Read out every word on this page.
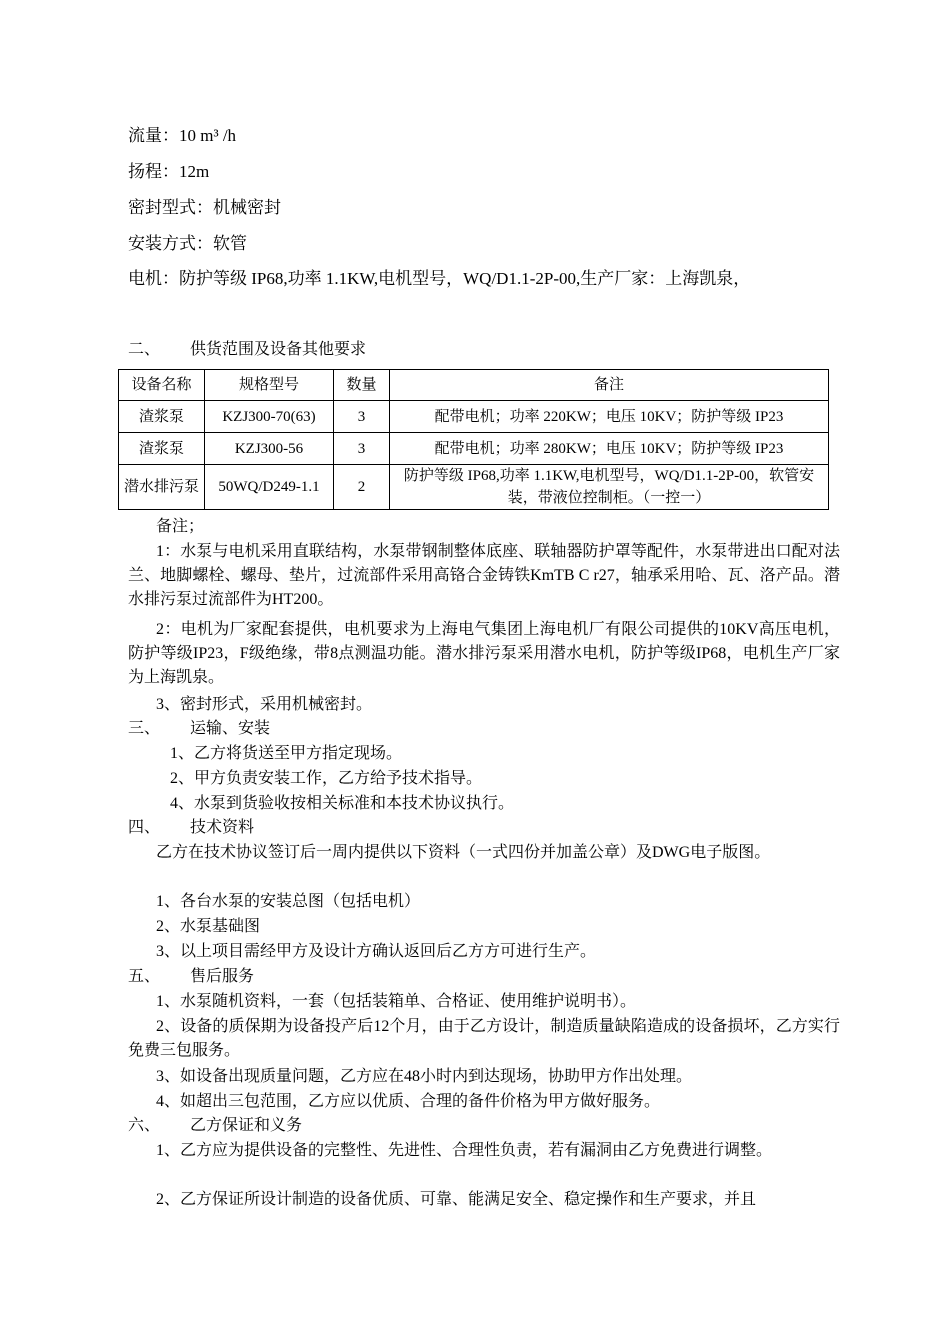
流量：10 m³ /h
扬程：12m
密封型式：机械密封
安装方式：软管
电机：防护等级 IP68,功率 1.1KW,电机型号，WQ/D1.1-2P-00,生产厂家：上海凯泉，
二、 供货范围及设备其他要求
设备名称	规格型号	数量	备注
渣浆泵	KZJ300-70(63)	3	配带电机；功率 220KW；电压 10KV；防护等级 IP23
渣浆泵	KZJ300-56	3	配带电机；功率 280KW；电压 10KV；防护等级 IP23
潜水排污泵	50WQ/D249-1.1	2	防护等级 IP68,功率 1.1KW,电机型号，WQ/D1.1-2P-00，软管安装，带液位控制柜。（一控一）
备注；
1：水泵与电机采用直联结构，水泵带钢制整体底座、联轴器防护罩等配件，水泵带进出口配对法兰、地脚螺栓、螺母、垫片，过流部件采用高铬合金铸铁KmTB C r27，轴承采用哈、瓦、洛产品。潜水排污泵过流部件为HT200。
2：电机为厂家配套提供，电机要求为上海电气集团上海电机厂有限公司提供的10KV高压电机，防护等级IP23，F级绝缘，带8点测温功能。潜水排污泵采用潜水电机，防护等级IP68，电机生产厂家为上海凯泉。
3、密封形式，采用机械密封。
三、 运输、安装
1、乙方将货送至甲方指定现场。
2、甲方负责安装工作，乙方给予技术指导。
4、水泵到货验收按相关标准和本技术协议执行。
四、 技术资料
乙方在技术协议签订后一周内提供以下资料（一式四份并加盖公章）及DWG电子版图。
1、各台水泵的安装总图（包括电机）
2、水泵基础图
3、以上项目需经甲方及设计方确认返回后乙方方可进行生产。
五、 售后服务
1、水泵随机资料，一套（包括装箱单、合格证、使用维护说明书）。
2、设备的质保期为设备投产后12个月，由于乙方设计，制造质量缺陷造成的设备损坏，乙方实行免费三包服务。
3、如设备出现质量问题，乙方应在48小时内到达现场，协助甲方作出处理。
4、如超出三包范围，乙方应以优质、合理的备件价格为甲方做好服务。
六、 乙方保证和义务
1、乙方应为提供设备的完整性、先进性、合理性负责，若有漏洞由乙方免费进行调整。
2、乙方保证所设计制造的设备优质、可靠、能满足安全、稳定操作和生产要求，并且
